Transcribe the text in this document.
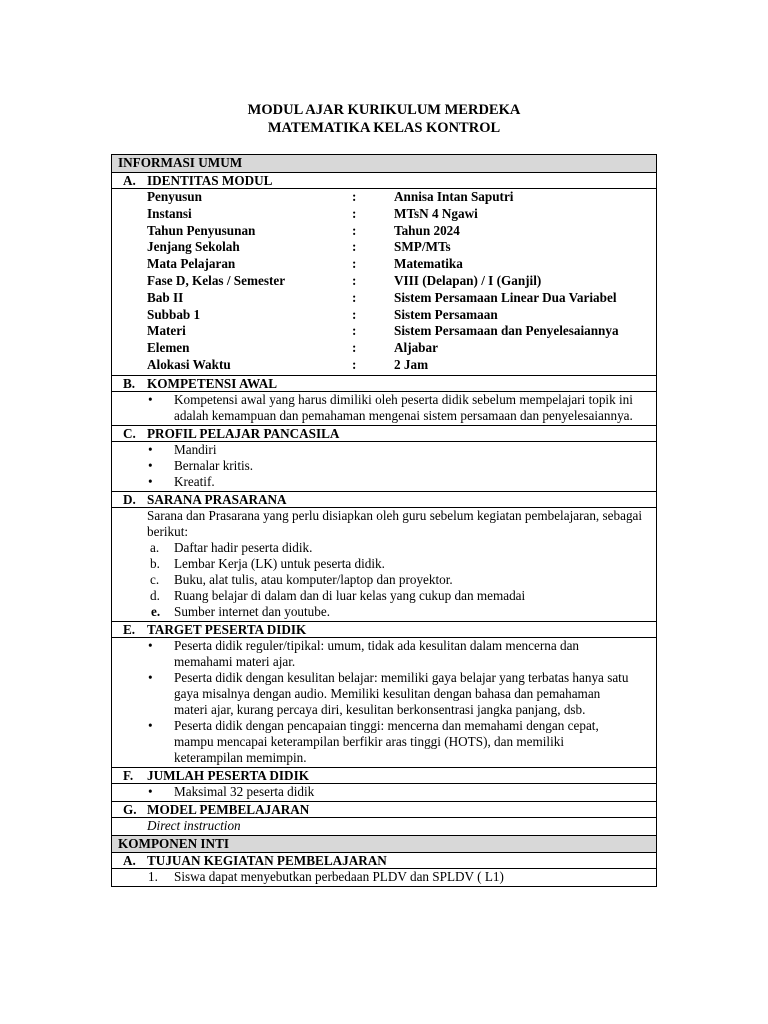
MODUL AJAR KURIKULUM MERDEKA
MATEMATIKA KELAS KONTROL
INFORMASI UMUM
A. IDENTITAS MODUL
Penyusun	:	Annisa Intan Saputri
Instansi	:	MTsN 4 Ngawi
Tahun Penyusunan	:	Tahun 2024
Jenjang Sekolah	:	SMP/MTs
Mata Pelajaran	:	Matematika
Fase D, Kelas / Semester	:	VIII (Delapan) / I (Ganjil)
Bab II	:	Sistem Persamaan Linear Dua Variabel
Subbab 1	:	Sistem Persamaan
Materi	:	Sistem Persamaan dan Penyelesaiannya
Elemen	:	Aljabar
Alokasi Waktu	:	2 Jam
B. KOMPETENSI AWAL
• Kompetensi awal yang harus dimiliki oleh peserta didik sebelum mempelajari topik ini adalah kemampuan dan pemahaman mengenai sistem persamaan dan penyelesaiannya.
C. PROFIL PELAJAR PANCASILA
• Mandiri
• Bernalar kritis.
• Kreatif.
D. SARANA PRASARANA
Sarana dan Prasarana yang perlu disiapkan oleh guru sebelum kegiatan pembelajaran, sebagai berikut:
a. Daftar hadir peserta didik.
b. Lembar Kerja (LK) untuk peserta didik.
c. Buku, alat tulis, atau komputer/laptop dan proyektor.
d. Ruang belajar di dalam dan di luar kelas yang cukup dan memadai
e. Sumber internet dan youtube.
E. TARGET PESERTA DIDIK
• Peserta didik reguler/tipikal: umum, tidak ada kesulitan dalam mencerna dan memahami materi ajar.
• Peserta didik dengan kesulitan belajar: memiliki gaya belajar yang terbatas hanya satu gaya misalnya dengan audio. Memiliki kesulitan dengan bahasa dan pemahaman materi ajar, kurang percaya diri, kesulitan berkonsentrasi jangka panjang, dsb.
• Peserta didik dengan pencapaian tinggi: mencerna dan memahami dengan cepat, mampu mencapai keterampilan berfikir aras tinggi (HOTS), dan memiliki keterampilan memimpin.
F. JUMLAH PESERTA DIDIK
• Maksimal 32 peserta didik
G. MODEL PEMBELAJARAN
Direct instruction
KOMPONEN INTI
A. TUJUAN KEGIATAN PEMBELAJARAN
1. Siswa dapat menyebutkan perbedaan PLDV dan SPLDV ( L1)
